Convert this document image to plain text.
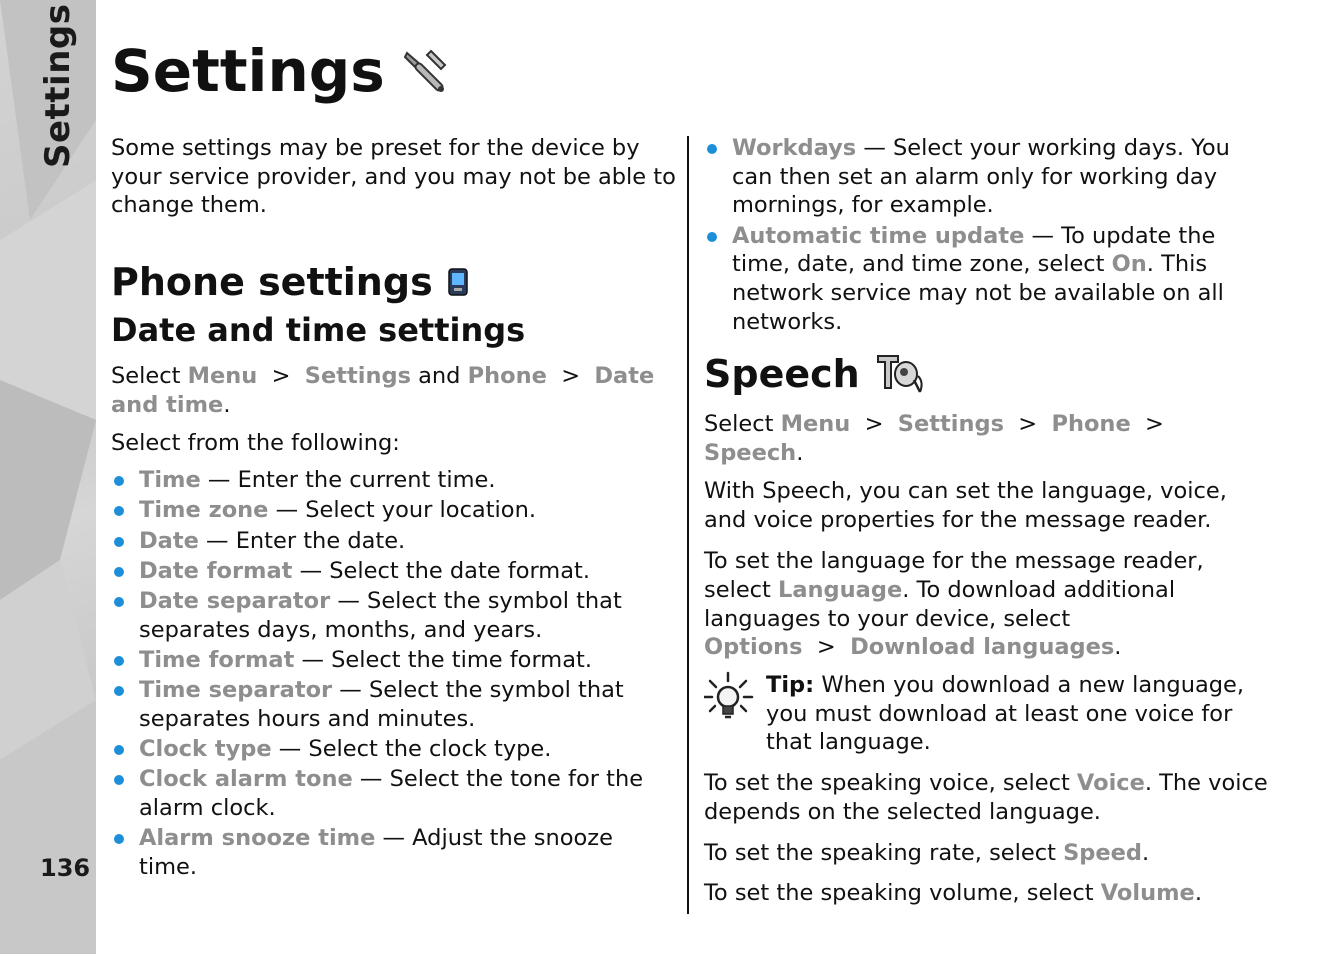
Settings
136
Settings

Some settings may be preset for the device by your service provider, and you may not be able to change them.

Phone settings
Date and time settings

Select Menu > Settings and Phone > Date and time.

Select from the following:

Time — Enter the current time.
Time zone — Select your location.
Date — Enter the date.
Date format — Select the date format.
Date separator — Select the symbol that separates days, months, and years.
Time format — Select the time format.
Time separator — Select the symbol that separates hours and minutes.
Clock type — Select the clock type.
Clock alarm tone — Select the tone for the alarm clock.
Alarm snooze time — Adjust the snooze time.
Workdays — Select your working days. You can then set an alarm only for working day mornings, for example.
Automatic time update — To update the time, date, and time zone, select On. This network service may not be available on all networks.
Speech

Select Menu > Settings > Phone >  Speech.

With Speech, you can set the language, voice, and voice properties for the message reader.

To set the language for the message reader, select Language. To download additional languages to your device, select Options > Download languages.

Tip: When you download a new language, you must download at least one voice for that language.

To set the speaking voice, select Voice. The voice depends on the selected language.

To set the speaking rate, select Speed.

To set the speaking volume, select Volume.
